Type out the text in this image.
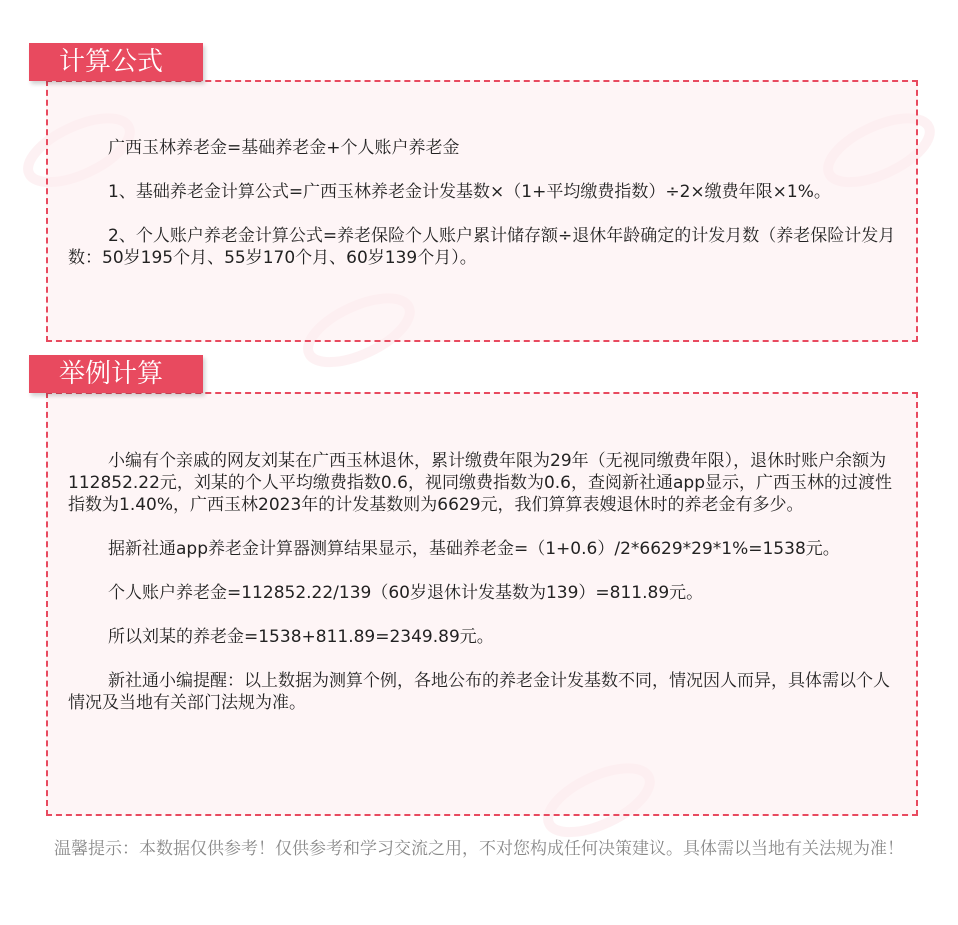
计算公式

广西玉林养老金=基础养老金+个人账户养老金

1、基础养老金计算公式=广西玉林养老金计发基数×（1+平均缴费指数）÷2×缴费年限×1%。

2、个人账户养老金计算公式=养老保险个人账户累计储存额÷退休年龄确定的计发月数（养老保险计发月数：50岁195个月、55岁170个月、60岁139个月）。

举例计算

小编有个亲戚的网友刘某在广西玉林退休，累计缴费年限为29年（无视同缴费年限），退休时账户余额为112852.22元，刘某的个人平均缴费指数0.6，视同缴费指数为0.6，查阅新社通app显示，广西玉林的过渡性指数为1.40%，广西玉林2023年的计发基数则为6629元，我们算算表嫂退休时的养老金有多少。

据新社通app养老金计算器测算结果显示，基础养老金=（1+0.6）/2*6629*29*1%=1538元。

个人账户养老金=112852.22/139（60岁退休计发基数为139）=811.89元。

所以刘某的养老金=1538+811.89=2349.89元。

新社通小编提醒：以上数据为测算个例，各地公布的养老金计发基数不同，情况因人而异，具体需以个人情况及当地有关部门法规为准。

温馨提示：本数据仅供参考！仅供参考和学习交流之用，不对您构成任何决策建议。具体需以当地有关法规为准！
